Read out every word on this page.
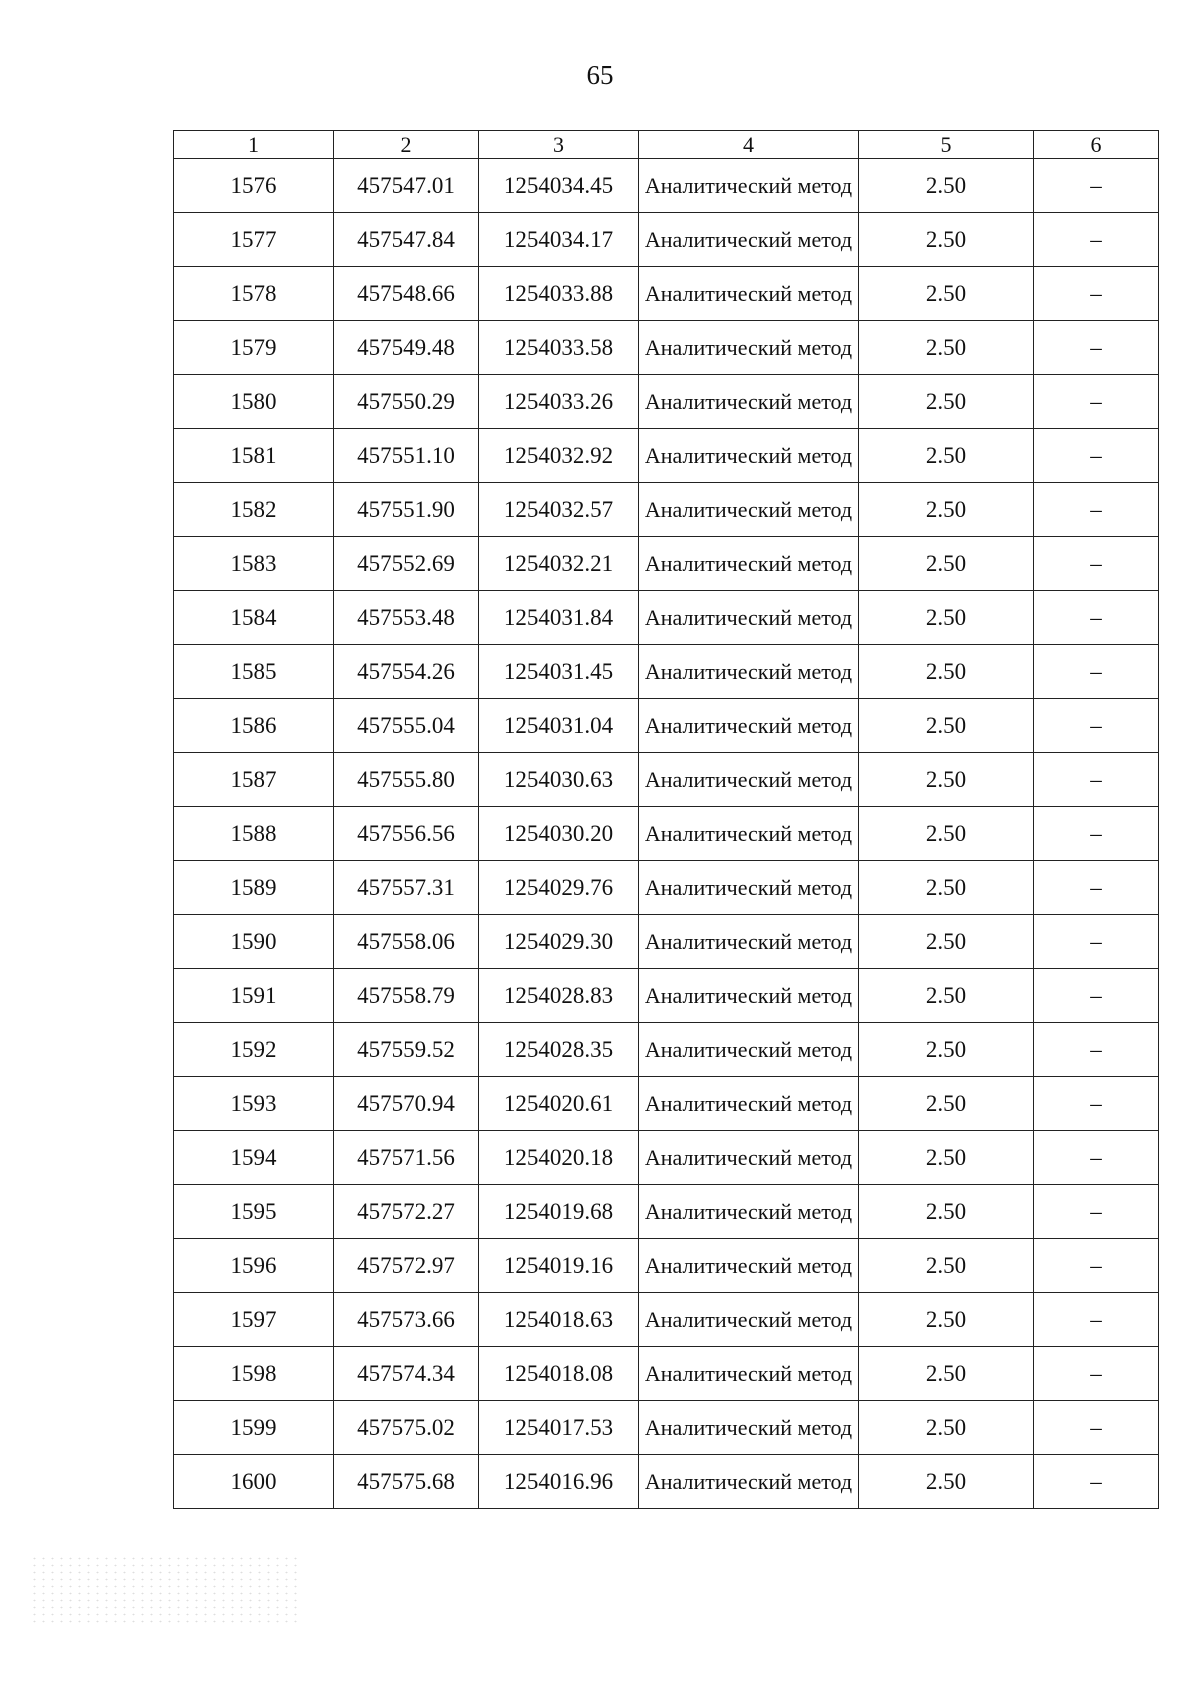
65
1	2	3	4	5	6
1576	457547.01	1254034.45	Аналитический метод	2.50	–
1577	457547.84	1254034.17	Аналитический метод	2.50	–
1578	457548.66	1254033.88	Аналитический метод	2.50	–
1579	457549.48	1254033.58	Аналитический метод	2.50	–
1580	457550.29	1254033.26	Аналитический метод	2.50	–
1581	457551.10	1254032.92	Аналитический метод	2.50	–
1582	457551.90	1254032.57	Аналитический метод	2.50	–
1583	457552.69	1254032.21	Аналитический метод	2.50	–
1584	457553.48	1254031.84	Аналитический метод	2.50	–
1585	457554.26	1254031.45	Аналитический метод	2.50	–
1586	457555.04	1254031.04	Аналитический метод	2.50	–
1587	457555.80	1254030.63	Аналитический метод	2.50	–
1588	457556.56	1254030.20	Аналитический метод	2.50	–
1589	457557.31	1254029.76	Аналитический метод	2.50	–
1590	457558.06	1254029.30	Аналитический метод	2.50	–
1591	457558.79	1254028.83	Аналитический метод	2.50	–
1592	457559.52	1254028.35	Аналитический метод	2.50	–
1593	457570.94	1254020.61	Аналитический метод	2.50	–
1594	457571.56	1254020.18	Аналитический метод	2.50	–
1595	457572.27	1254019.68	Аналитический метод	2.50	–
1596	457572.97	1254019.16	Аналитический метод	2.50	–
1597	457573.66	1254018.63	Аналитический метод	2.50	–
1598	457574.34	1254018.08	Аналитический метод	2.50	–
1599	457575.02	1254017.53	Аналитический метод	2.50	–
1600	457575.68	1254016.96	Аналитический метод	2.50	–
